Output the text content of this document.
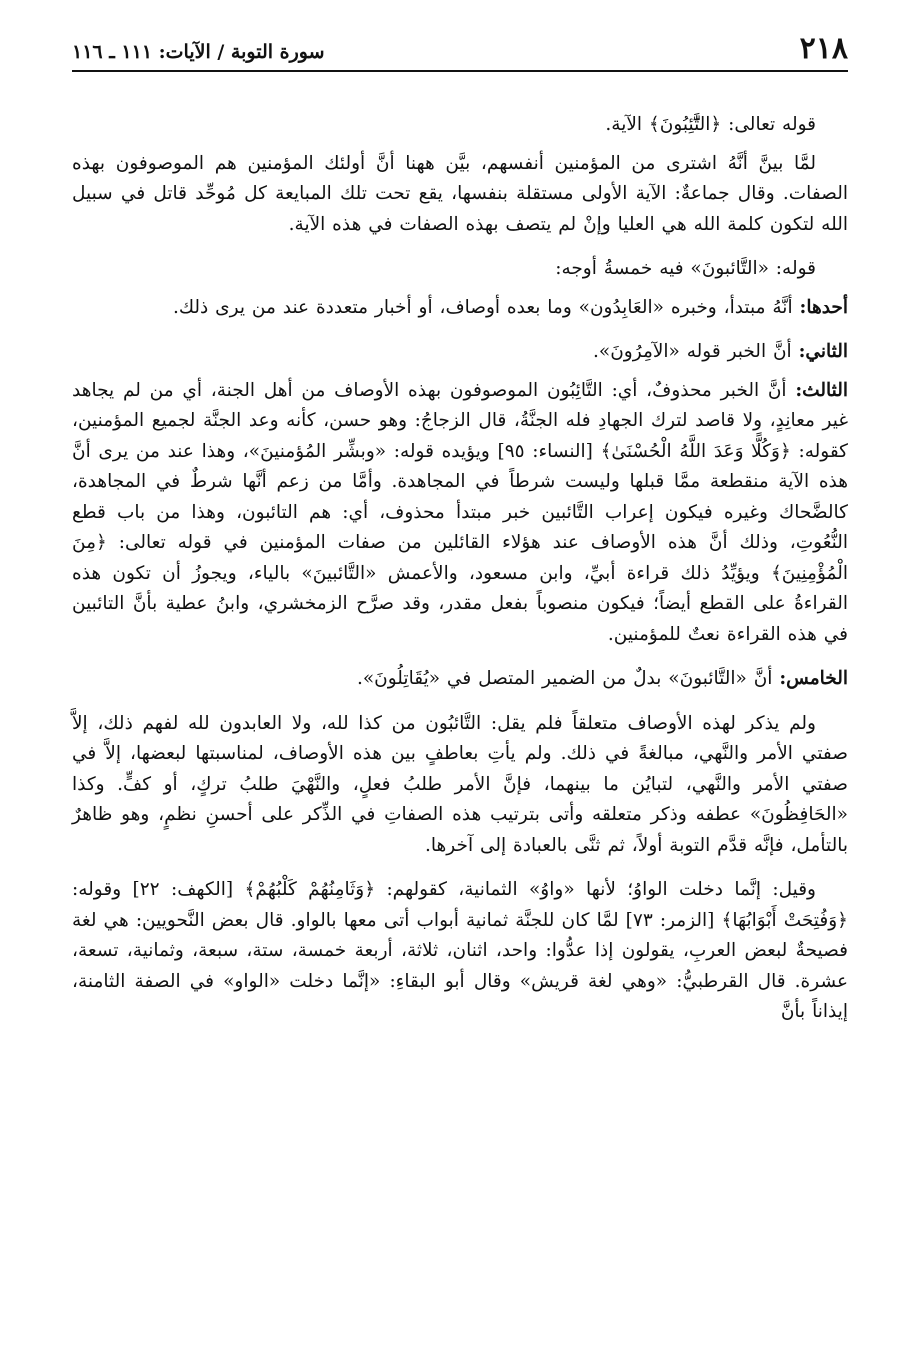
٢١٨
سورة التوبة / الآيات: ١١١ ـ ١١٦

قوله تعالى: ﴿التَّٰٓئِبُونَ﴾ الآية.

لمَّا بينَّ أنَّهُ اشترى من المؤمنين أنفسهم، بيَّن ههنا أنَّ أولئك المؤمنين هم الموصوفون بهذه الصفات. وقال جماعةٌ: الآية الأولى مستقلة بنفسها، يقع تحت تلك المبايعة كل مُوحِّد قاتل في سبيل الله لتكون كلمة الله هي العليا وإنْ لم يتصف بهذه الصفات في هذه الآية.

قوله: «التَّائبونَ» فيه خمسةُ أوجه:

أحدها: أنَّهُ مبتدأ، وخبره «العَابِدُون» وما بعده أوصاف، أو أخبار متعددة عند من يرى ذلك.

الثاني: أنَّ الخبر قوله «الآمِرُونَ».

الثالث: أنَّ الخبر محذوفٌ، أي: التَّائِبُون الموصوفون بهذه الأوصاف من أهل الجنة، أي من لم يجاهد غير معانِدٍ، ولا قاصد لترك الجهادِ فله الجنَّةُ، قال الزجاجُ: وهو حسن، كأنه وعد الجنَّة لجميع المؤمنين، كقوله: ﴿وَكُلًّا وَعَدَ اللَّهُ الْحُسْنَىٰ﴾ [النساء: ٩٥] ويؤيده قوله: «وبشِّر المُؤمنينَ»، وهذا عند من يرى أنَّ هذه الآية منقطعة ممَّا قبلها وليست شرطاً في المجاهدة. وأمَّا من زعم أنَّها شرطٌ في المجاهدة، كالضَّحاك وغيره فيكون إعراب التَّائبين خبر مبتدأ محذوف، أي: هم التائبون، وهذا من باب قطع النُّعُوتِ، وذلك أنَّ هذه الأوصاف عند هؤلاء القائلين من صفات المؤمنين في قوله تعالى: ﴿مِنَ الْمُؤْمِنِينَ﴾ ويؤيِّدُ ذلك قراءة أبيِّ، وابن مسعود، والأعمش «التَّائبينَ» بالياء، ويجوزُ أن تكون هذه القراءةُ على القطع أيضاً؛ فيكون منصوباً بفعل مقدر، وقد صرَّح الزمخشري، وابنُ عطية بأنَّ التائبين في هذه القراءة نعتٌ للمؤمنين.

الخامس: أنَّ «التَّائبونَ» بدلٌ من الضمير المتصل في «يُقَاتِلُونَ».

ولم يذكر لهذه الأوصاف متعلقاً فلم يقل: التَّائبُون من كذا لله، ولا العابدون لله لفهم ذلك، إلاَّ صفتي الأمر والنَّهي، مبالغةً في ذلك. ولم يأتِ بعاطفٍ بين هذه الأوصاف، لمناسبتها لبعضها، إلاَّ في صفتي الأمر والنَّهي، لتبايُن ما بينهما، فإنَّ الأمر طلبُ فعلٍ، والنَّهْيَ طلبُ تركٍ، أو كفٍّ. وكذا «الحَافِظُونَ» عطفه وذكر متعلقه وأتى بترتيب هذه الصفاتِ في الذِّكر على أحسنِ نظمٍ، وهو ظاهرٌ بالتأمل، فإنَّه قدَّم التوبة أولاً، ثم ثنَّى بالعبادة إلى آخرها.

وقيل: إنَّما دخلت الواوُ؛ لأنها «واوُ» الثمانية، كقولهم: ﴿وَثَامِنُهُمْ كَلْبُهُمْ﴾ [الكهف: ٢٢] وقوله: ﴿وَفُتِحَتْ أَبْوَابُهَا﴾ [الزمر: ٧٣] لمَّا كان للجنَّة ثمانية أبواب أتى معها بالواو. قال بعض النَّحويين: هي لغة فصيحةٌ لبعض العربِ، يقولون إذا عدُّوا: واحد، اثنان، ثلاثة، أربعة خمسة، ستة، سبعة، وثمانية، تسعة، عشرة. قال القرطبيُّ: «وهي لغة قريش» وقال أبو البقاءِ: «إنَّما دخلت «الواو» في الصفة الثامنة، إيذاناً بأنَّ
